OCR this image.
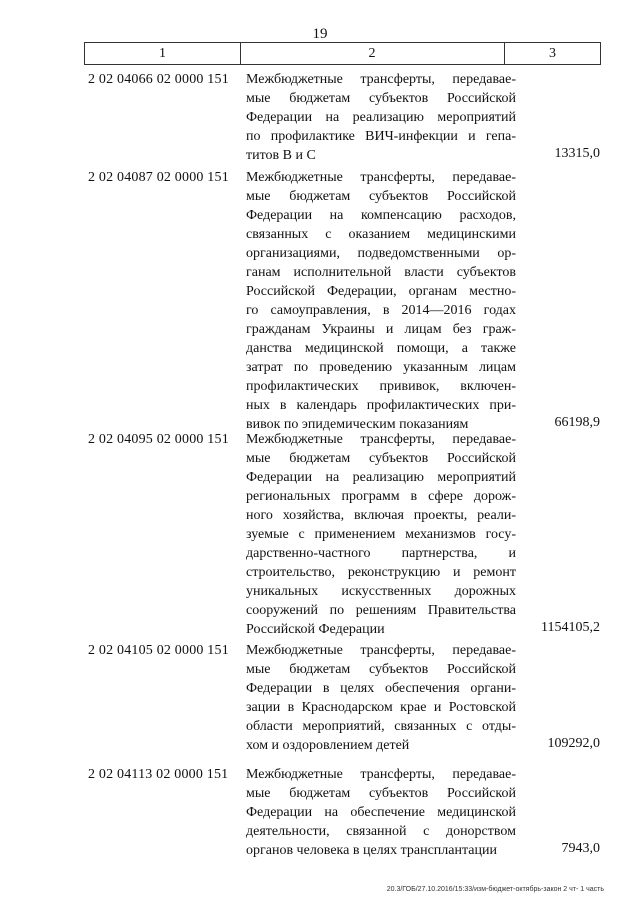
19
1	2	3
2 02 04066 02 0000 151 Межбюджетные трансферты, передавае-
мые бюджетам субъектов Российской
Федерации на реализацию мероприятий
по профилактике ВИЧ-инфекции и гепа-
титов В и С	13315,0
2 02 04087 02 0000 151 Межбюджетные трансферты, передавае-
мые бюджетам субъектов Российской
Федерации на компенсацию расходов,
связанных с оказанием медицинскими
организациями, подведомственными ор-
ганам исполнительной власти субъектов
Российской Федерации, органам местно-
го самоуправления, в 2014—2016 годах
гражданам Украины и лицам без граж-
данства медицинской помощи, а также
затрат по проведению указанным лицам
профилактических прививок, включен-
ных в календарь профилактических при-
вивок по эпидемическим показаниям	66198,9
2 02 04095 02 0000 151 Межбюджетные трансферты, передавае-
мые бюджетам субъектов Российской
Федерации на реализацию мероприятий
региональных программ в сфере дорож-
ного хозяйства, включая проекты, реали-
зуемые с применением механизмов госу-
дарственно-частного партнерства, и
строительство, реконструкцию и ремонт
уникальных искусственных дорожных
сооружений по решениям Правительства
Российской Федерации	1154105,2
2 02 04105 02 0000 151 Межбюджетные трансферты, передавае-
мые бюджетам субъектов Российской
Федерации в целях обеспечения органи-
зации в Краснодарском крае и Ростовской
области мероприятий, связанных с отды-
хом и оздоровлением детей	109292,0
2 02 04113 02 0000 151 Межбюджетные трансферты, передавае-
мые бюджетам субъектов Российской
Федерации на обеспечение медицинской
деятельности, связанной с донорством
органов человека в целях трансплантации	7943,0
20.3/ГОБ/27.10.2016/15:33/изм-бюджет-октябрь-закон 2 чт- 1 часть
